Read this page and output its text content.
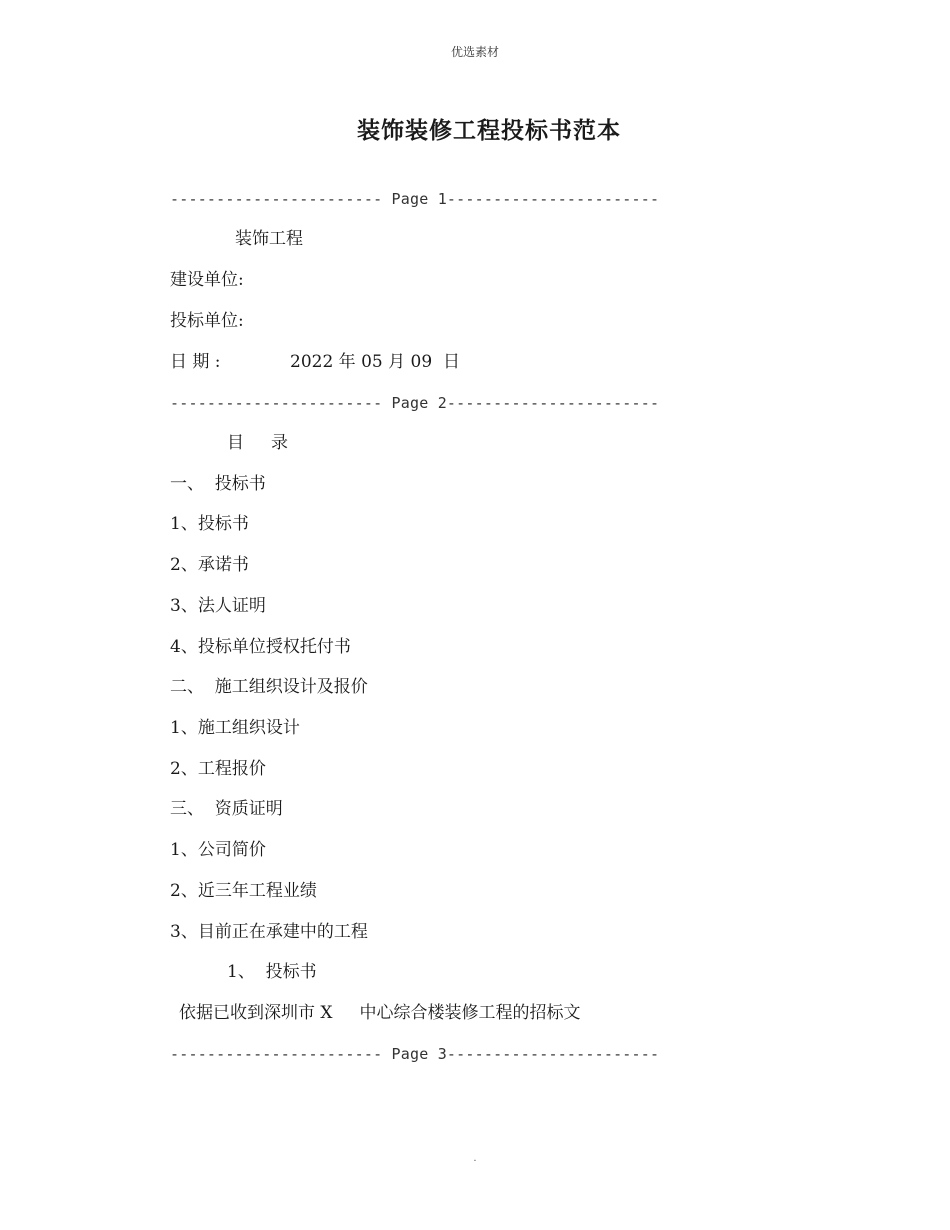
优选素材
装饰装修工程投标书范本
----------------------- Page 1-----------------------
装饰工程
建设单位:
投标单位:
日 期 :	2022 年 05 月 09  日
----------------------- Page 2-----------------------
目     录
一、  投标书
1、投标书
2、承诺书
3、法人证明
4、投标单位授权托付书
二、  施工组织设计及报价
1、施工组织设计
2、工程报价
三、  资质证明
1、公司简价
2、近三年工程业绩
3、目前正在承建中的工程
1、  投标书
依据已收到深圳市 X     中心综合楼装修工程的招标文
----------------------- Page 3-----------------------
.
